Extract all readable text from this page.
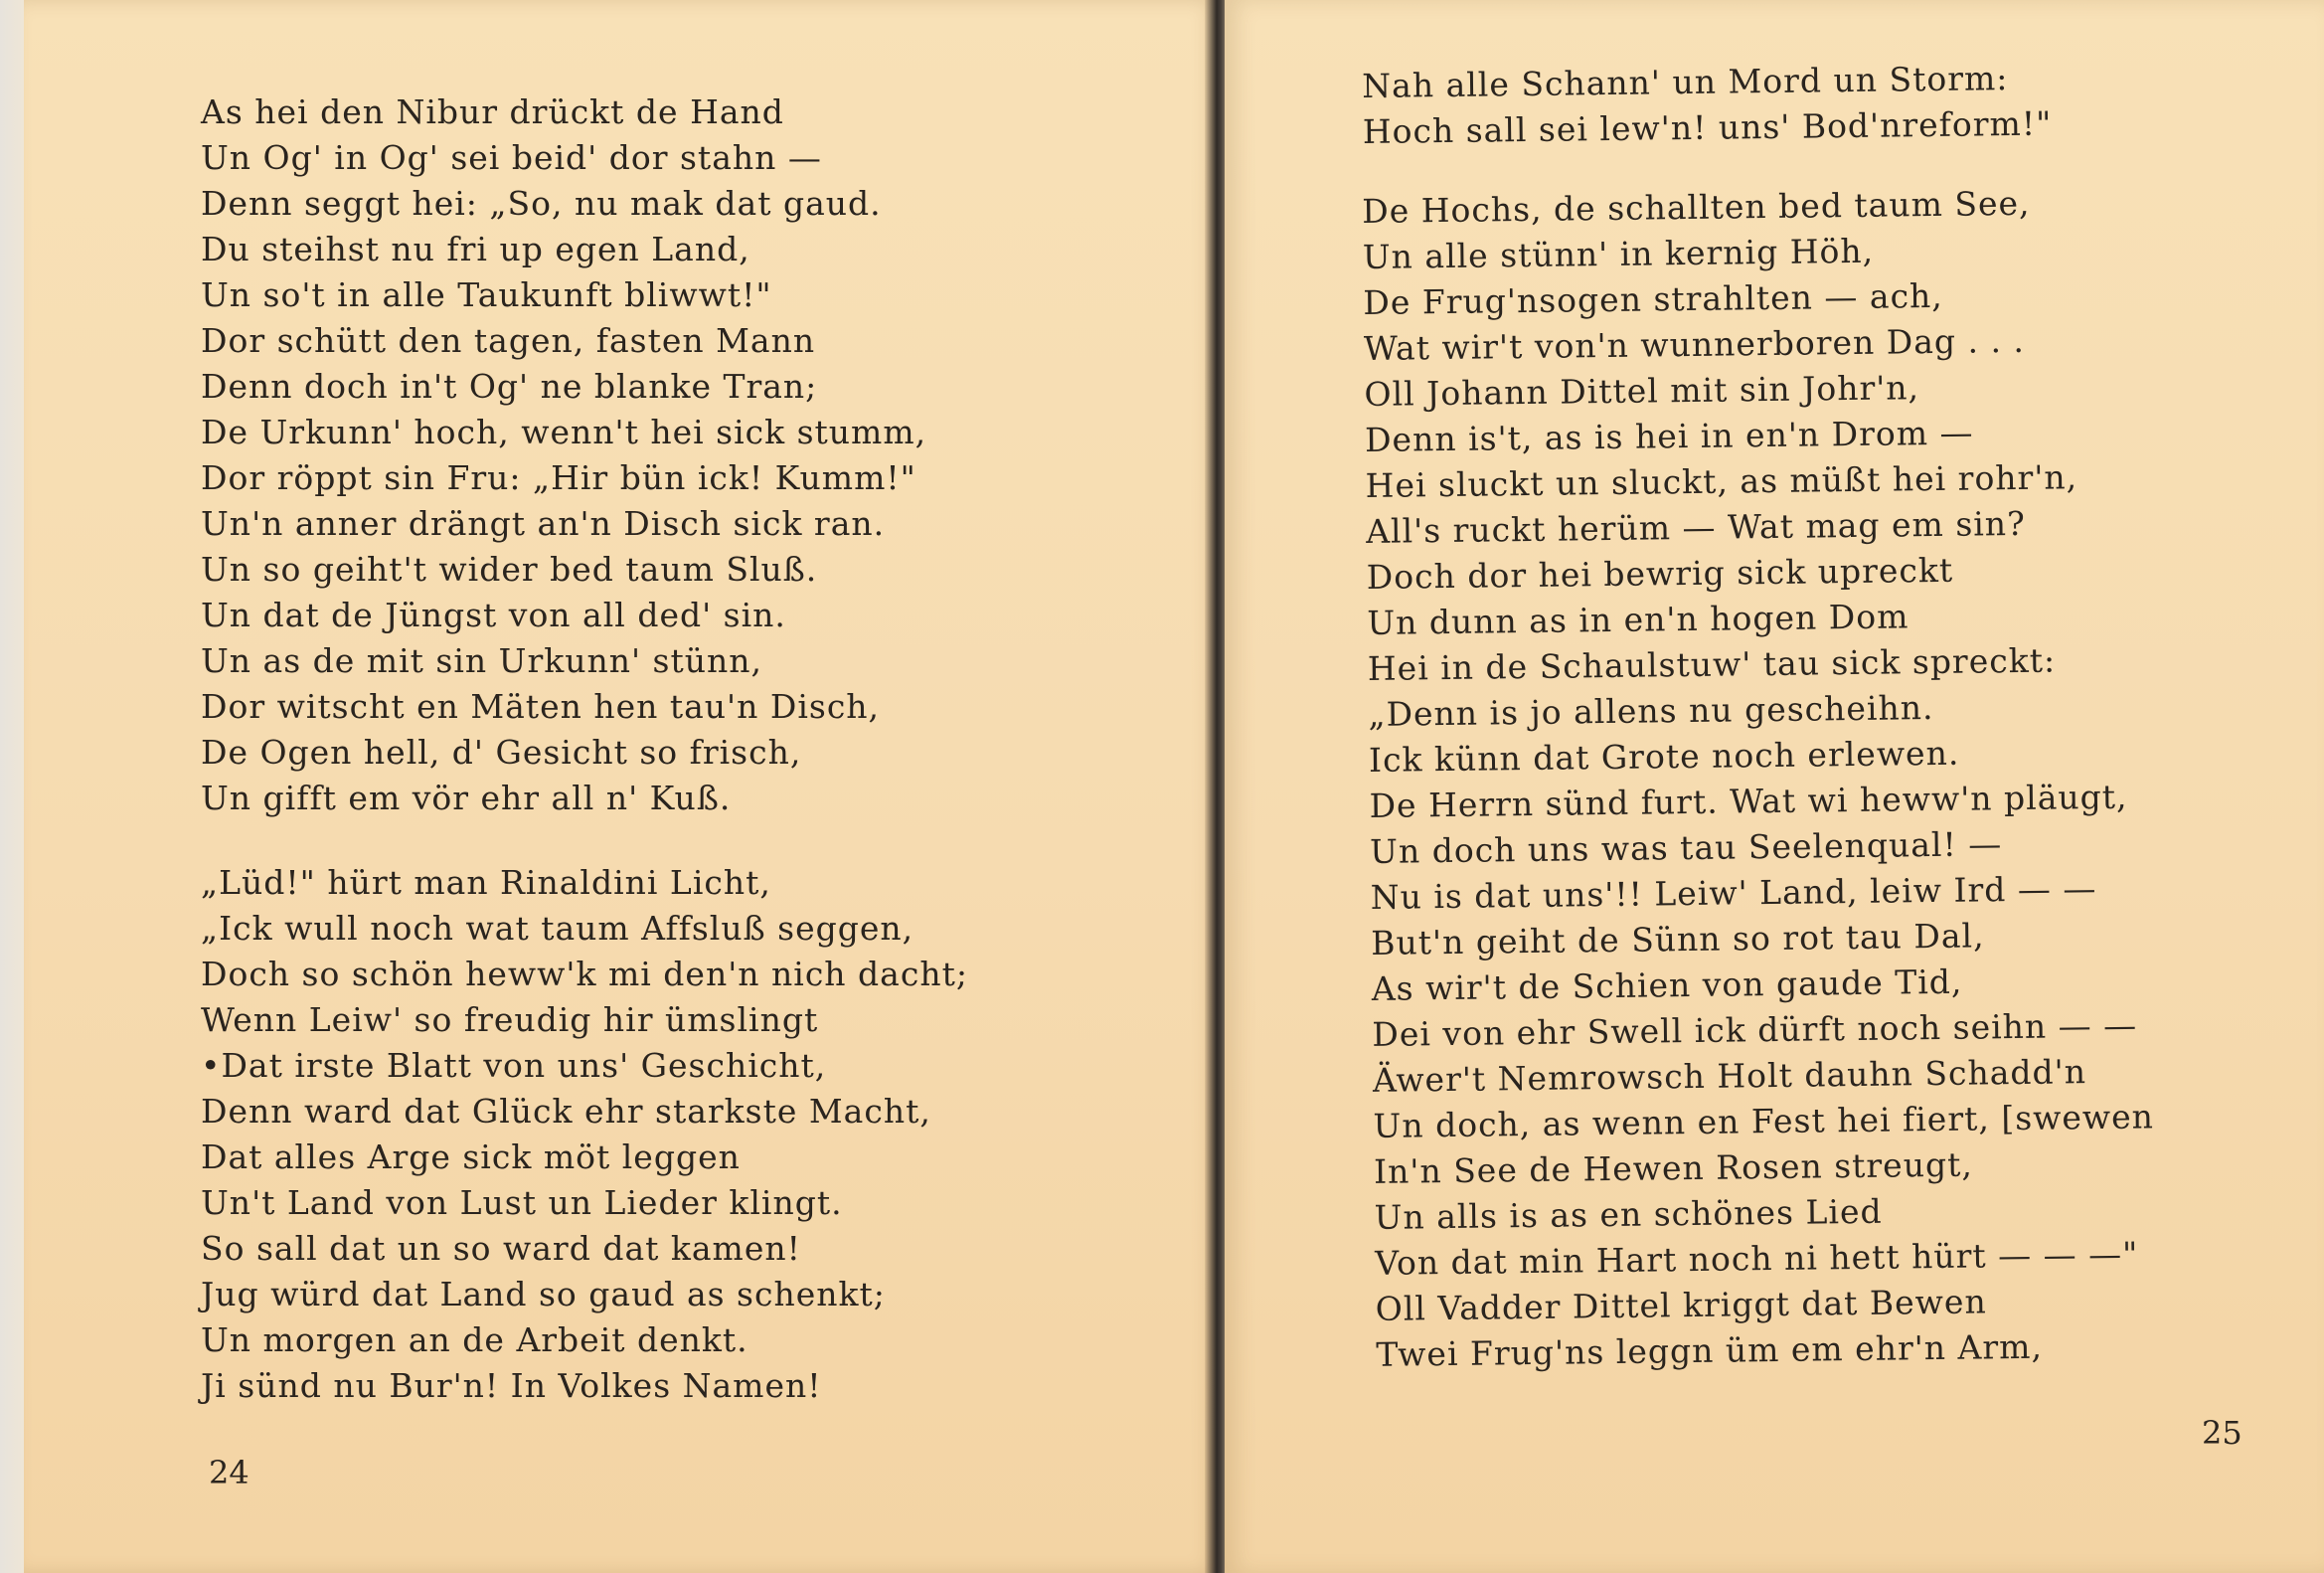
As hei den Nibur drückt de Hand
Un Og' in Og' sei beid' dor stahn —
Denn seggt hei: „So, nu mak dat gaud.
Du steihst nu fri up egen Land,
Un so't in alle Taukunft bliwwt!"
Dor schütt den tagen, fasten Mann
Denn doch in't Og' ne blanke Tran;
De Urkunn' hoch, wenn't hei sick stumm,
Dor röppt sin Fru: „Hir bün ick! Kumm!"
Un'n anner drängt an'n Disch sick ran.
Un so geiht't wider bed taum Sluß.
Un dat de Jüngst von all ded' sin.
Un as de mit sin Urkunn' stünn,
Dor witscht en Mäten hen tau'n Disch,
De Ogen hell, d' Gesicht so frisch,
Un gifft em vör ehr all n' Kuß.
„Lüd!" hürt man Rinaldini Licht,
„Ick wull noch wat taum Affsluß seggen,
Doch so schön heww'k mi den'n nich dacht;
Wenn Leiw' so freudig hir ümslingt
•Dat irste Blatt von uns' Geschicht,
Denn ward dat Glück ehr starkste Macht,
Dat alles Arge sick möt leggen
Un't Land von Lust un Lieder klingt.
So sall dat un so ward dat kamen!
Jug würd dat Land so gaud as schenkt;
Un morgen an de Arbeit denkt.
Ji sünd nu Bur'n! In Volkes Namen!
24
Nah alle Schann' un Mord un Storm:
Hoch sall sei lew'n! uns' Bod'nreform!"
De Hochs, de schallten bed taum See,
Un alle stünn' in kernig Höh,
De Frug'nsogen strahlten — ach,
Wat wir't von'n wunnerboren Dag . . .
Oll Johann Dittel mit sin Johr'n,
Denn is't, as is hei in en'n Drom —
Hei sluckt un sluckt, as müßt hei rohr'n,
All's ruckt herüm — Wat mag em sin?
Doch dor hei bewrig sick upreckt
Un dunn as in en'n hogen Dom
Hei in de Schaulstuw' tau sick spreckt:
„Denn is jo allens nu gescheihn.
Ick künn dat Grote noch erlewen.
De Herrn sünd furt. Wat wi heww'n pläugt,
Un doch uns was tau Seelenqual! —
Nu is dat uns'!! Leiw' Land, leiw Ird — —
But'n geiht de Sünn so rot tau Dal,
As wir't de Schien von gaude Tid,
Dei von ehr Swell ick dürft noch seihn — —
Äwer't Nemrowsch Holt dauhn Schadd'n
Un doch, as wenn en Fest hei fiert, [swewen
In'n See de Hewen Rosen streugt,
Un alls is as en schönes Lied
Von dat min Hart noch ni hett hürt — — —"
Oll Vadder Dittel kriggt dat Bewen
Twei Frug'ns leggn üm em ehr'n Arm,
25
